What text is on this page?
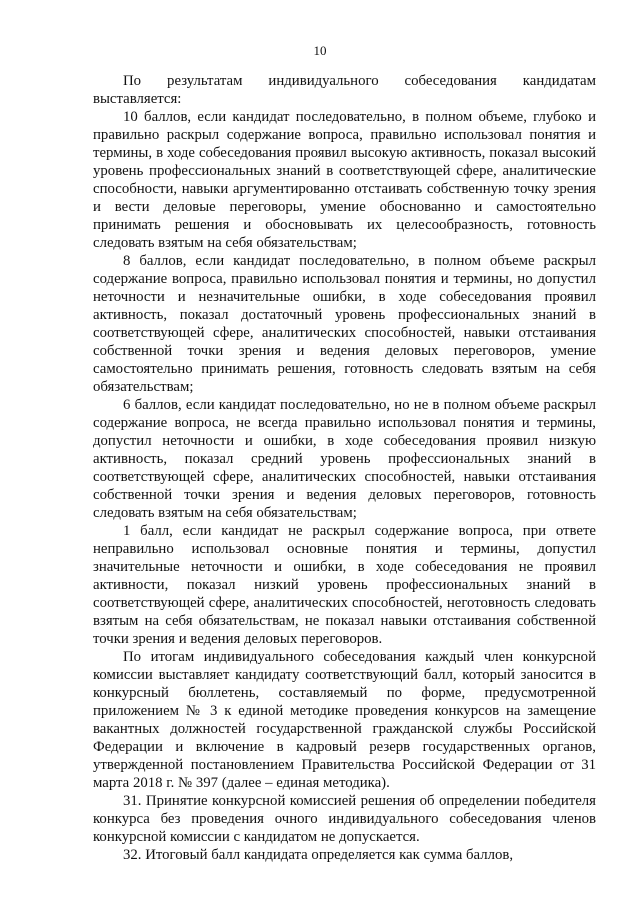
10

По результатам индивидуального собеседования кандидатам выставляется:

10 баллов, если кандидат последовательно, в полном объеме, глубоко и правильно раскрыл содержание вопроса, правильно использовал понятия и термины, в ходе собеседования проявил высокую активность, показал высокий уровень профессиональных знаний в соответствующей сфере, аналитические способности, навыки аргументированно отстаивать собственную точку зрения и вести деловые переговоры, умение обоснованно и самостоятельно принимать решения и обосновывать их целесообразность, готовность следовать взятым на себя обязательствам;

8 баллов, если кандидат последовательно, в полном объеме раскрыл содержание вопроса, правильно использовал понятия и термины, но допустил неточности и незначительные ошибки, в ходе собеседования проявил активность, показал достаточный уровень профессиональных знаний в соответствующей сфере, аналитических способностей, навыки отстаивания собственной точки зрения и ведения деловых переговоров, умение самостоятельно принимать решения, готовность следовать взятым на себя обязательствам;

6 баллов, если кандидат последовательно, но не в полном объеме раскрыл содержание вопроса, не всегда правильно использовал понятия и термины, допустил неточности и ошибки, в ходе собеседования проявил низкую активность, показал средний уровень профессиональных знаний в соответствующей сфере, аналитических способностей, навыки отстаивания собственной точки зрения и ведения деловых переговоров, готовность следовать взятым на себя обязательствам;

1 балл, если кандидат не раскрыл содержание вопроса, при ответе неправильно использовал основные понятия и термины, допустил значительные неточности и ошибки, в ходе собеседования не проявил активности, показал низкий уровень профессиональных знаний в соответствующей сфере, аналитических способностей, неготовность следовать взятым на себя обязательствам, не показал навыки отстаивания собственной точки зрения и ведения деловых переговоров.

По итогам индивидуального собеседования каждый член конкурсной комиссии выставляет кандидату соответствующий балл, который заносится в конкурсный бюллетень, составляемый по форме, предусмотренной приложением № 3 к единой методике проведения конкурсов на замещение вакантных должностей государственной гражданской службы Российской Федерации и включение в кадровый резерв государственных органов, утвержденной постановлением Правительства Российской Федерации от 31 марта 2018 г. № 397 (далее – единая методика).

31. Принятие конкурсной комиссией решения об определении победителя конкурса без проведения очного индивидуального собеседования членов конкурсной комиссии с кандидатом не допускается.

32. Итоговый балл кандидата определяется как сумма баллов,
